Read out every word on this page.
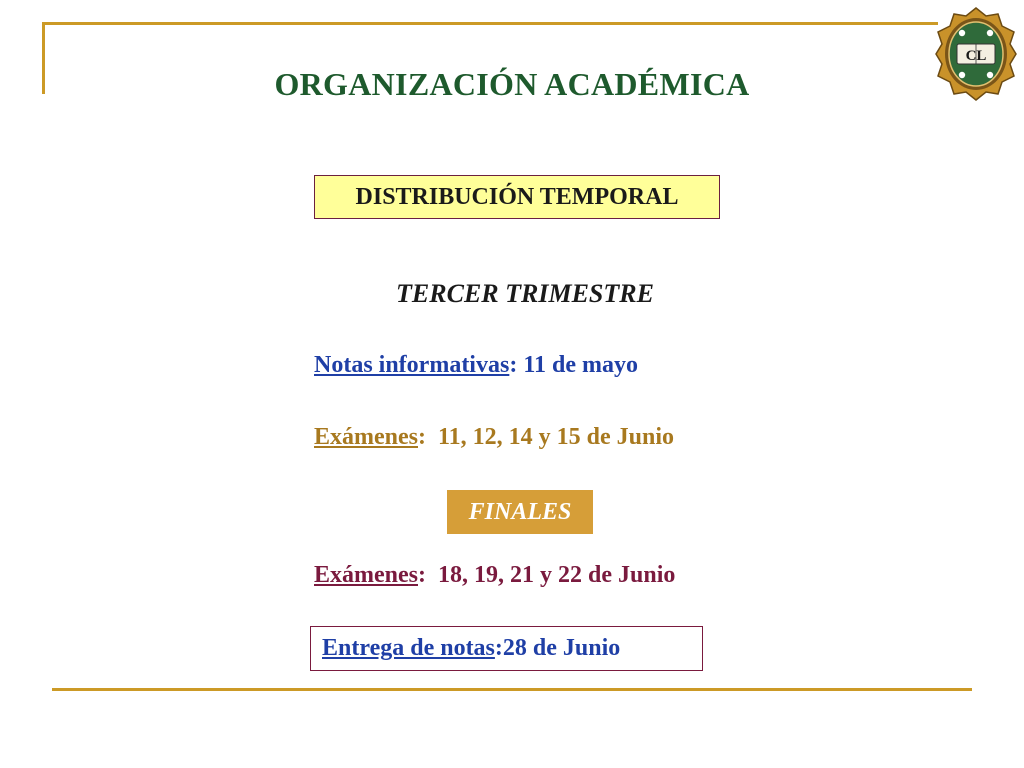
CL
ORGANIZACIÓN ACADÉMICA
DISTRIBUCIÓN TEMPORAL
TERCER TRIMESTRE
Notas informativas: 11 de mayo
Exámenes:  11, 12, 14 y 15 de Junio
FINALES
Exámenes:  18, 19, 21 y 22 de Junio
Entrega de notas : 28 de Junio
